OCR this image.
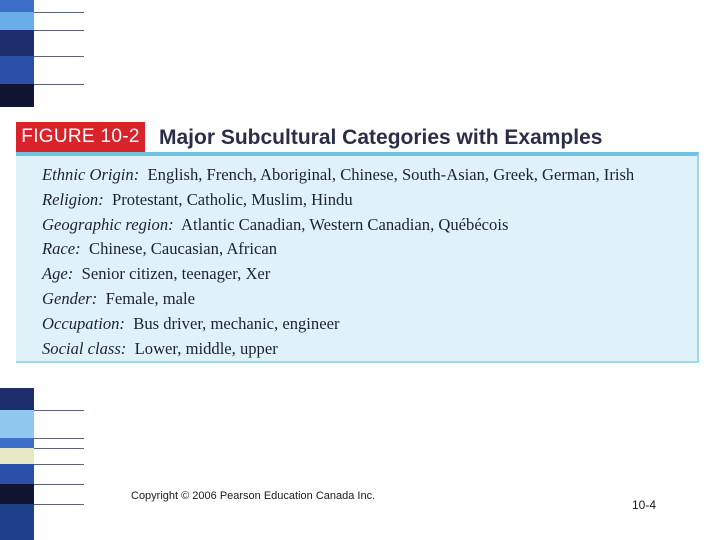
FIGURE 10-2 Major Subcultural Categories with Examples
Ethnic Origin: English, French, Aboriginal, Chinese, South-Asian, Greek, German, Irish
Religion: Protestant, Catholic, Muslim, Hindu
Geographic region: Atlantic Canadian, Western Canadian, Québécois
Race: Chinese, Caucasian, African
Age: Senior citizen, teenager, Xer
Gender: Female, male
Occupation: Bus driver, mechanic, engineer
Social class: Lower, middle, upper
Copyright © 2006 Pearson Education Canada Inc.
10-4
